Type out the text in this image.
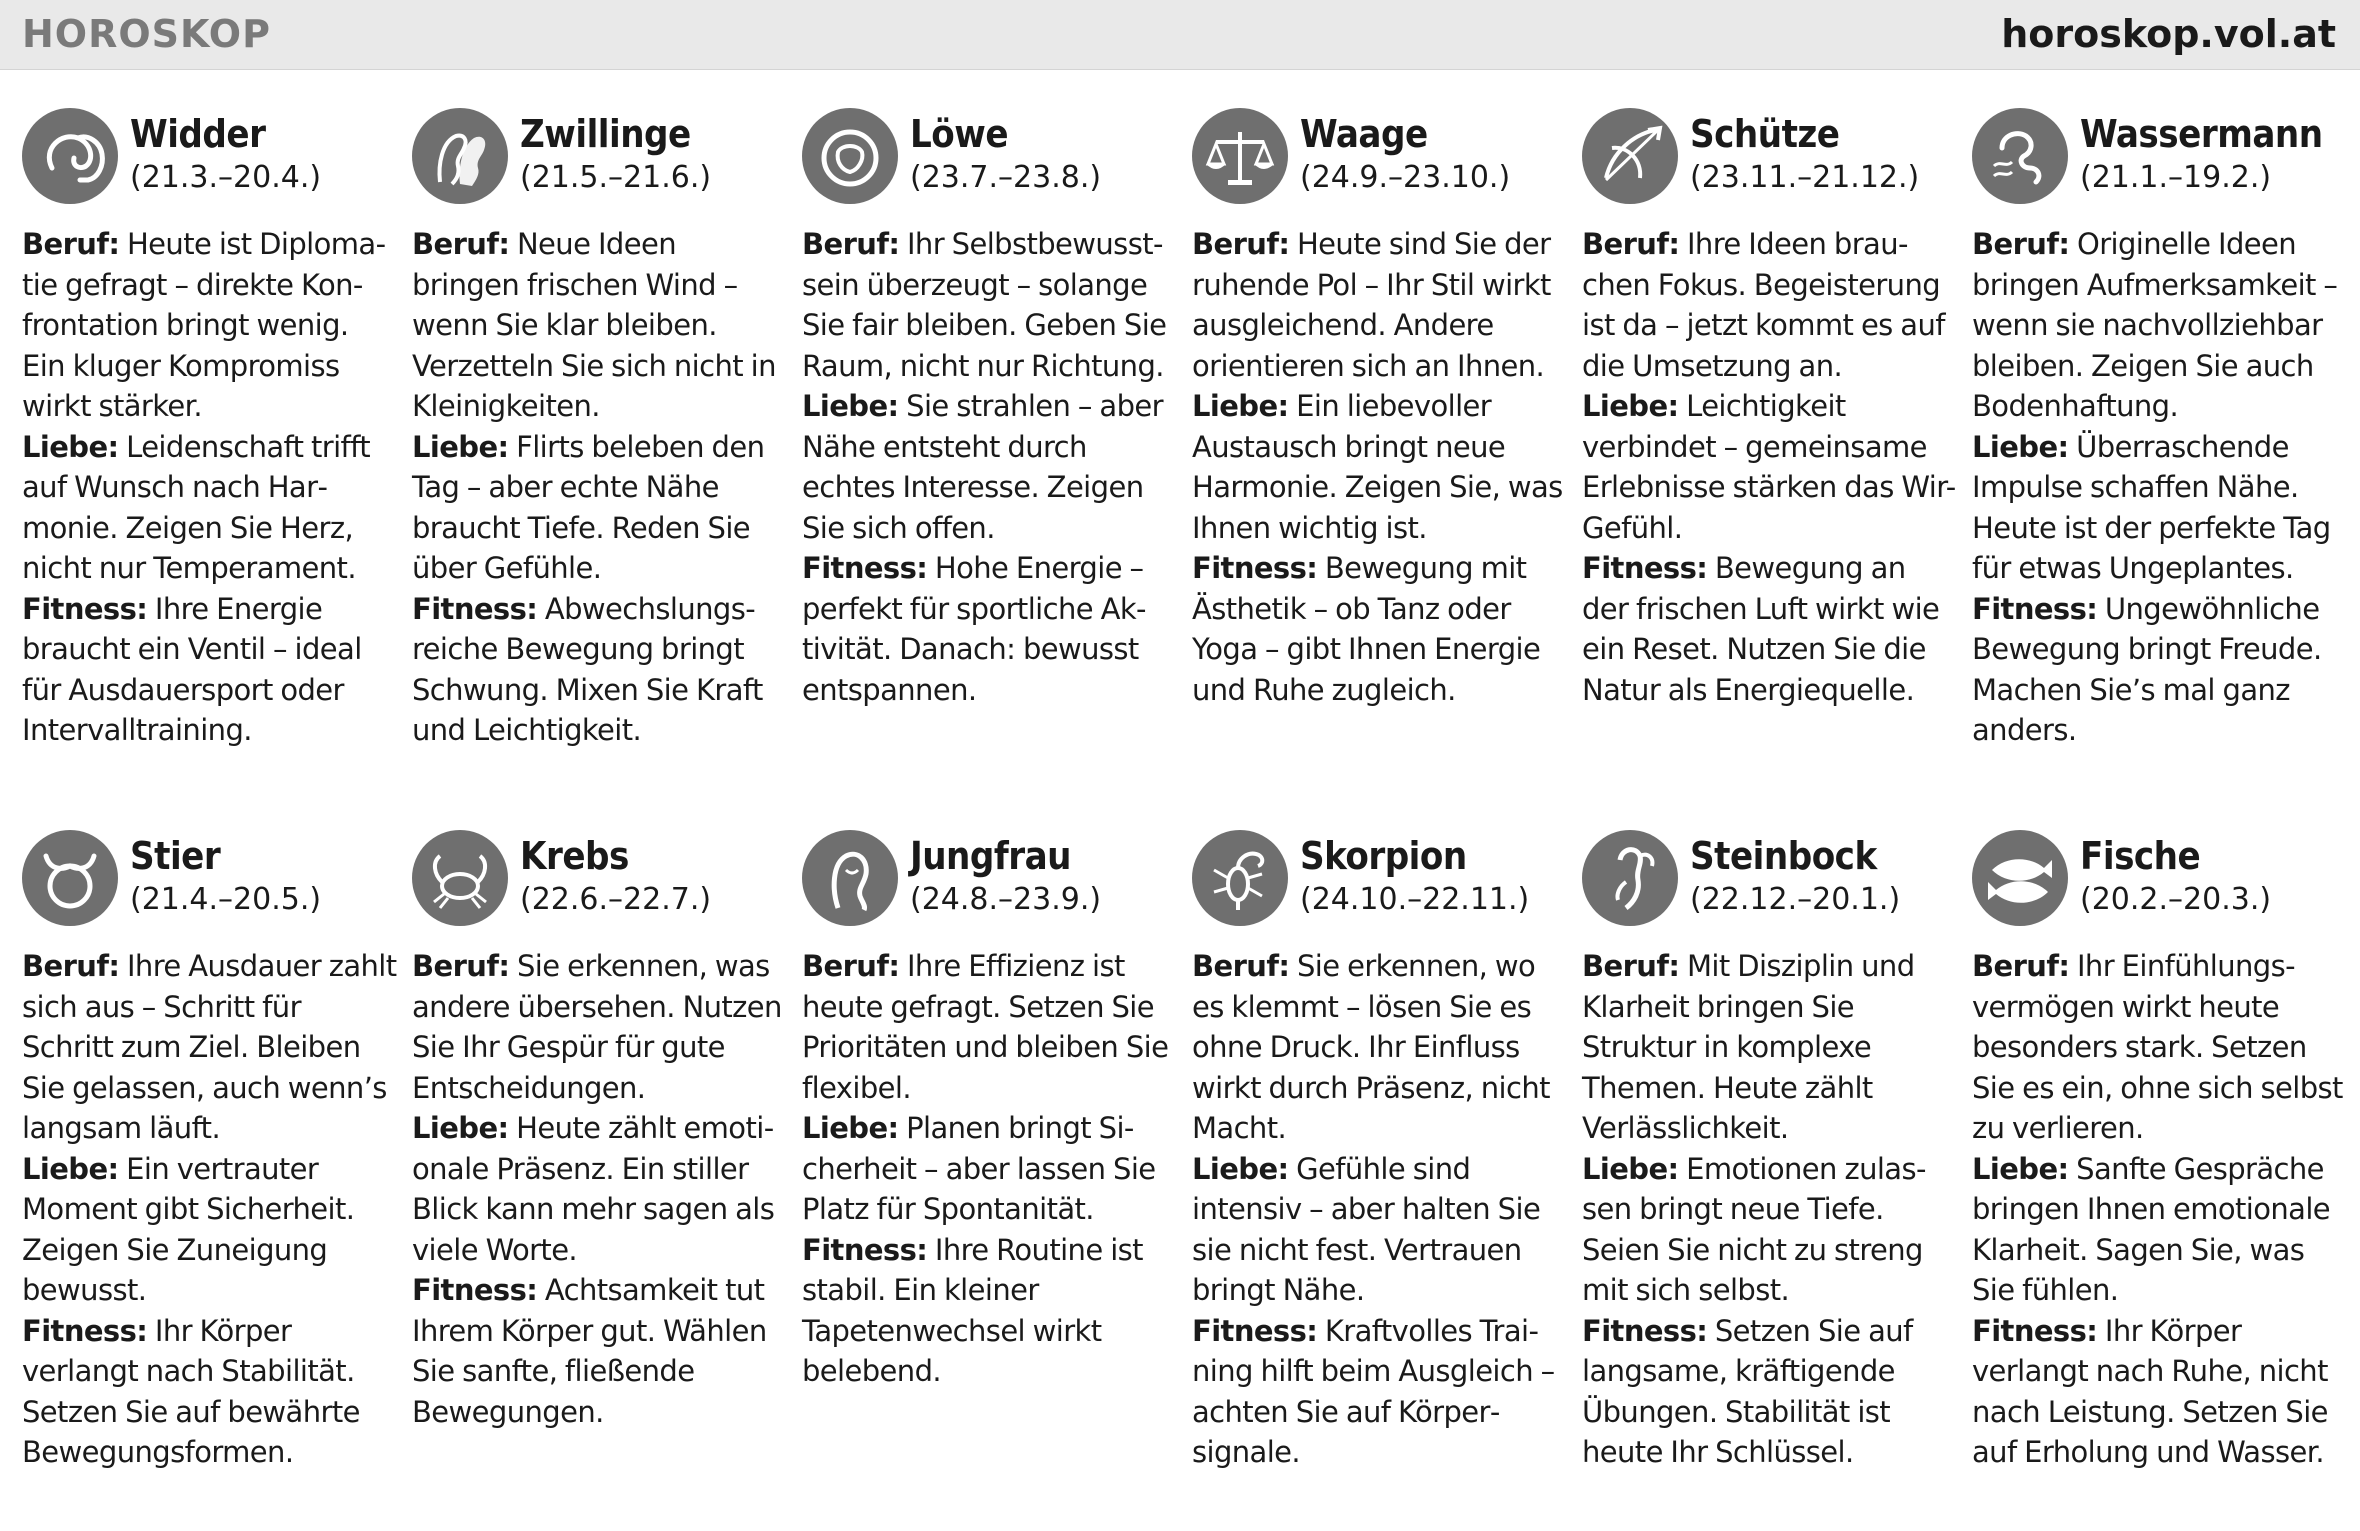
HOROSKOP	horoskop.vol.at
Widder
(21.3.–20.4.)
Beruf: Heute ist Diplomatie gefragt – direkte Konfrontation bringt wenig. Ein kluger Kompromiss wirkt stärker.
Liebe: Leidenschaft trifft auf Wunsch nach Harmonie. Zeigen Sie Herz, nicht nur Temperament.
Fitness: Ihre Energie braucht ein Ventil – ideal für Ausdauersport oder Intervalltraining.
Zwillinge
(21.5.–21.6.)
Beruf: Neue Ideen bringen frischen Wind – wenn Sie klar bleiben. Verzetteln Sie sich nicht in Kleinigkeiten.
Liebe: Flirts beleben den Tag – aber echte Nähe braucht Tiefe. Reden Sie über Gefühle.
Fitness: Abwechslungsreiche Bewegung bringt Schwung. Mixen Sie Kraft und Leichtigkeit.
Löwe
(23.7.–23.8.)
Beruf: Ihr Selbstbewusstsein überzeugt – solange Sie fair bleiben. Geben Sie Raum, nicht nur Richtung.
Liebe: Sie strahlen – aber Nähe entsteht durch echtes Interesse. Zeigen Sie sich offen.
Fitness: Hohe Energie – perfekt für sportliche Aktivität. Danach: bewusst entspannen.
Waage
(24.9.–23.10.)
Beruf: Heute sind Sie der ruhende Pol – Ihr Stil wirkt ausgleichend. Andere orientieren sich an Ihnen.
Liebe: Ein liebevoller Austausch bringt neue Harmonie. Zeigen Sie, was Ihnen wichtig ist.
Fitness: Bewegung mit Ästhetik – ob Tanz oder Yoga – gibt Ihnen Energie und Ruhe zugleich.
Schütze
(23.11.–21.12.)
Beruf: Ihre Ideen brauchen Fokus. Begeisterung ist da – jetzt kommt es auf die Umsetzung an.
Liebe: Leichtigkeit verbindet – gemeinsame Erlebnisse stärken das Wir-Gefühl.
Fitness: Bewegung an der frischen Luft wirkt wie ein Reset. Nutzen Sie die Natur als Energiequelle.
Wassermann
(21.1.–19.2.)
Beruf: Originelle Ideen bringen Aufmerksamkeit – wenn sie nachvollziehbar bleiben. Zeigen Sie auch Bodenhaftung.
Liebe: Überraschende Impulse schaffen Nähe. Heute ist der perfekte Tag für etwas Ungeplantes.
Fitness: Ungewöhnliche Bewegung bringt Freude. Machen Sie’s mal ganz anders.
Stier
(21.4.–20.5.)
Beruf: Ihre Ausdauer zahlt sich aus – Schritt für Schritt zum Ziel. Bleiben Sie gelassen, auch wenn’s langsam läuft.
Liebe: Ein vertrauter Moment gibt Sicherheit. Zeigen Sie Zuneigung bewusst.
Fitness: Ihr Körper verlangt nach Stabilität. Setzen Sie auf bewährte Bewegungsformen.
Krebs
(22.6.–22.7.)
Beruf: Sie erkennen, was andere übersehen. Nutzen Sie Ihr Gespür für gute Entscheidungen.
Liebe: Heute zählt emotionale Präsenz. Ein stiller Blick kann mehr sagen als viele Worte.
Fitness: Achtsamkeit tut Ihrem Körper gut. Wählen Sie sanfte, fließende Bewegungen.
Jungfrau
(24.8.–23.9.)
Beruf: Ihre Effizienz ist heute gefragt. Setzen Sie Prioritäten und bleiben Sie flexibel.
Liebe: Planen bringt Sicherheit – aber lassen Sie Platz für Spontanität.
Fitness: Ihre Routine ist stabil. Ein kleiner Tapetenwechsel wirkt belebend.
Skorpion
(24.10.–22.11.)
Beruf: Sie erkennen, wo es klemmt – lösen Sie es ohne Druck. Ihr Einfluss wirkt durch Präsenz, nicht Macht.
Liebe: Gefühle sind intensiv – aber halten Sie sie nicht fest. Vertrauen bringt Nähe.
Fitness: Kraftvolles Training hilft beim Ausgleich – achten Sie auf Körpersignale.
Steinbock
(22.12.–20.1.)
Beruf: Mit Disziplin und Klarheit bringen Sie Struktur in komplexe Themen. Heute zählt Verlässlichkeit.
Liebe: Emotionen zulassen bringt neue Tiefe. Seien Sie nicht zu streng mit sich selbst.
Fitness: Setzen Sie auf langsame, kräftigende Übungen. Stabilität ist heute Ihr Schlüssel.
Fische
(20.2.–20.3.)
Beruf: Ihr Einfühlungsvermögen wirkt heute besonders stark. Setzen Sie es ein, ohne sich selbst zu verlieren.
Liebe: Sanfte Gespräche bringen Ihnen emotionale Klarheit. Sagen Sie, was Sie fühlen.
Fitness: Ihr Körper verlangt nach Ruhe, nicht nach Leistung. Setzen Sie auf Erholung und Wasser.
